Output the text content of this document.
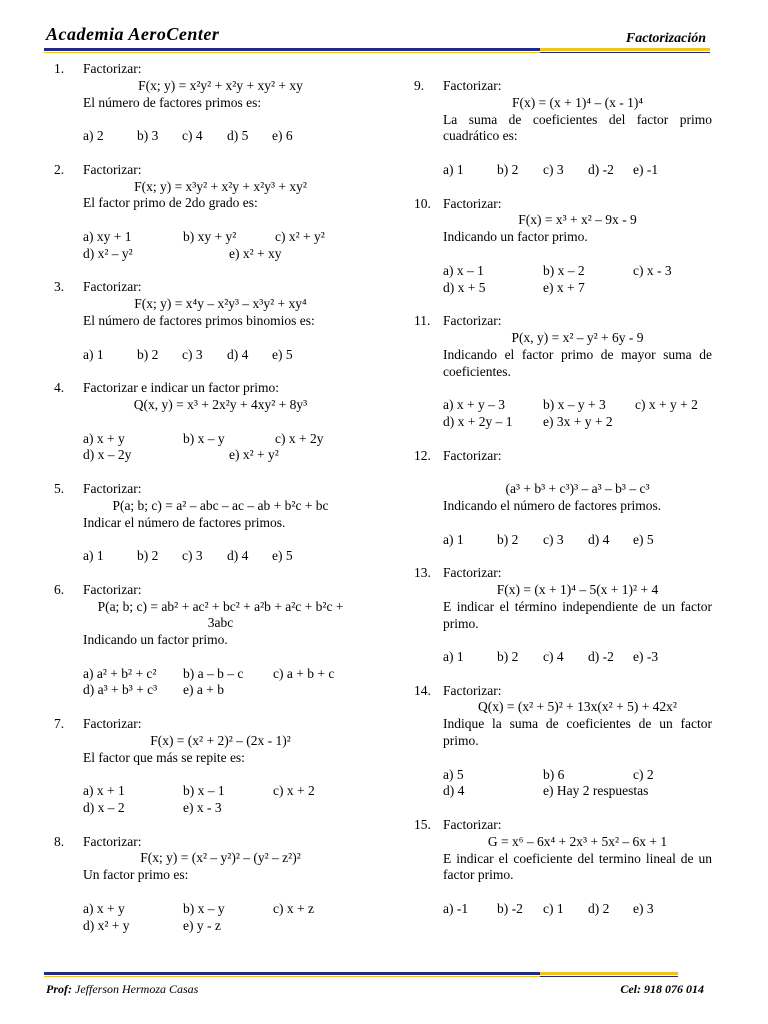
Academia AeroCenter	Factorización
1. Factorizar:
F(x; y) = x²y² + x²y + xy² + xy
El número de factores primos es:
a) 2 b) 3 c) 4 d) 5 e) 6
2. Factorizar:
F(x; y) = x³y² + x²y + x²y³ + xy²
El factor primo de 2do grado es:
a) xy + 1	b) xy + y²	c) x² + y²
d) x² – y²	e) x² + xy
3. Factorizar:
F(x; y) = x⁴y – x²y³ – x³y² + xy⁴
El número de factores primos binomios es:
a) 1 b) 2 c) 3 d) 4 e) 5
4. Factorizar e indicar un factor primo:
Q(x, y) = x³ + 2x²y + 4xy² + 8y³
a) x + y	b) x – y	c) x + 2y
d) x – 2y	e) x² + y²
5. Factorizar:
P(a; b; c) = a² – abc – ac – ab + b²c + bc
Indicar el número de factores primos.
a) 1 b) 2 c) 3 d) 4 e) 5
6. Factorizar:
P(a; b; c) = ab² + ac² + bc² + a²b + a²c + b²c +
3abc
Indicando un factor primo.
a) a² + b² + c² b) a – b – c c) a + b + c
d) a³ + b³ + c³ e) a + b
7. Factorizar:
F(x) = (x² + 2)² – (2x - 1)²
El factor que más se repite es:
a) x + 1	b) x – 1	c) x + 2
d) x – 2	e) x - 3
8. Factorizar:
F(x; y) = (x² – y²)² – (y² – z²)²
Un factor primo es:
a) x + y	b) x – y	c) x + z
d) x² + y	e) y - z
9. Factorizar:
F(x) = (x + 1)⁴ – (x - 1)⁴
La suma de coeficientes del factor primo cuadrático es:
a) 1 b) 2 c) 3 d) -2 e) -1
10. Factorizar:
F(x) = x³ + x² – 9x - 9
Indicando un factor primo.
a) x – 1	b) x – 2	c) x - 3
d) x + 5	e) x + 7
11. Factorizar:
P(x, y) = x² – y² + 6y - 9
Indicando el factor primo de mayor suma de coeficientes.
a) x + y – 3	b) x – y + 3 c) x + y + 2
d) x + 2y – 1 e) 3x + y + 2
12. Factorizar:
(a³ + b³ + c³)³ – a³ – b³ – c³
Indicando el número de factores primos.
a) 1 b) 2 c) 3 d) 4 e) 5
13. Factorizar:
F(x) = (x + 1)⁴ – 5(x + 1)² + 4
E indicar el término independiente de un factor primo.
a) 1 b) 2 c) 4 d) -2 e) -3
14. Factorizar:
Q(x) = (x² + 5)² + 13x(x² + 5) + 42x²
Indique la suma de coeficientes de un factor primo.
a) 5	b) 6	c) 2
d) 4	e) Hay 2 respuestas
15. Factorizar:
G = x⁶ – 6x⁴ + 2x³ + 5x² – 6x + 1
E indicar el coeficiente del termino lineal de un factor primo.
a) -1 b) -2 c) 1 d) 2 e) 3
Prof: Jefferson Hermoza Casas	Cel: 918 076 014
